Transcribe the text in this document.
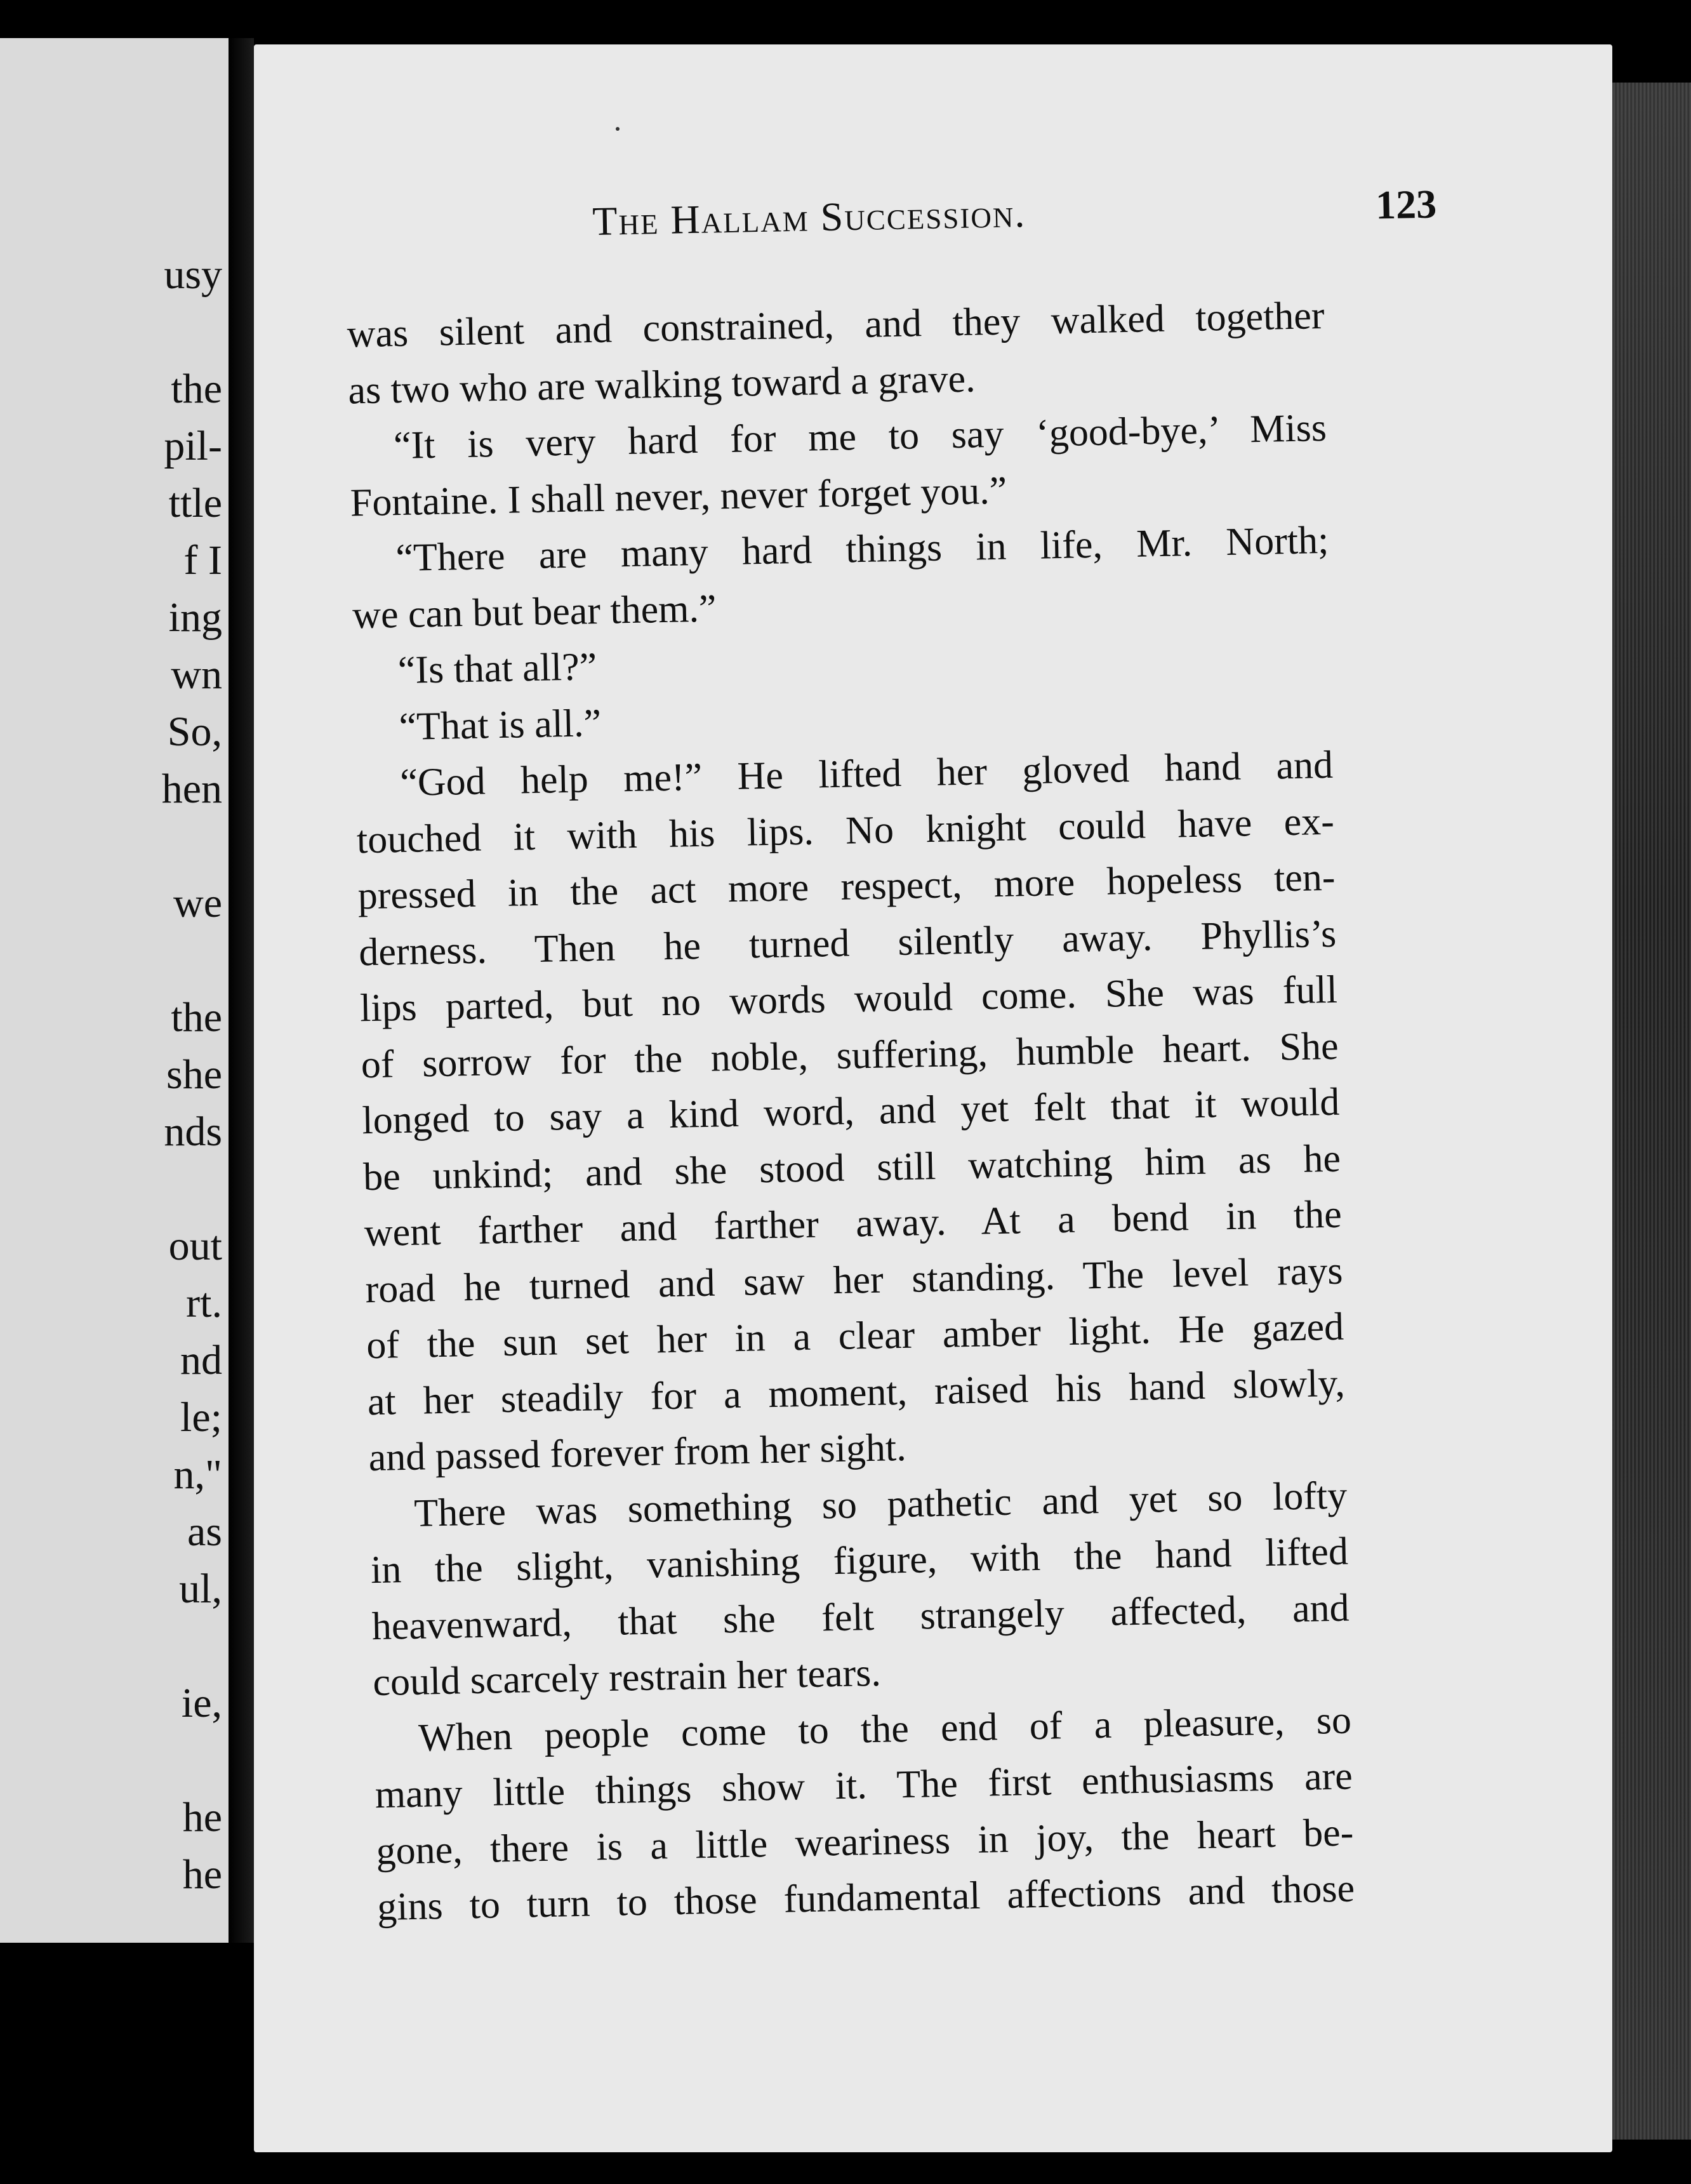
usy
the
pil-
ttle
f I
ing
wn
So,
hen
we
the
she
nds
out
rt.
nd
le;
n,"
as
ul,
ie,
he
he
The Hallam Succession.	123
was silent and constrained, and they walked together
as two who are walking toward a grave.
“It is very hard for me to say ‘good-bye,’ Miss
Fontaine. I shall never, never forget you.”
“There are many hard things in life, Mr. North;
we can but bear them.”
“Is that all?”
“That is all.”
“God help me!” He lifted her gloved hand and
touched it with his lips. No knight could have ex-
pressed in the act more respect, more hopeless ten-
derness. Then he turned silently away. Phyllis’s
lips parted, but no words would come. She was full
of sorrow for the noble, suffering, humble heart. She
longed to say a kind word, and yet felt that it would
be unkind; and she stood still watching him as he
went farther and farther away. At a bend in the
road he turned and saw her standing. The level rays
of the sun set her in a clear amber light. He gazed
at her steadily for a moment, raised his hand slowly,
and passed forever from her sight.
There was something so pathetic and yet so lofty
in the slight, vanishing figure, with the hand lifted
heavenward, that she felt strangely affected, and
could scarcely restrain her tears.
When people come to the end of a pleasure, so
many little things show it. The first enthusiasms are
gone, there is a little weariness in joy, the heart be-
gins to turn to those fundamental affections and those
